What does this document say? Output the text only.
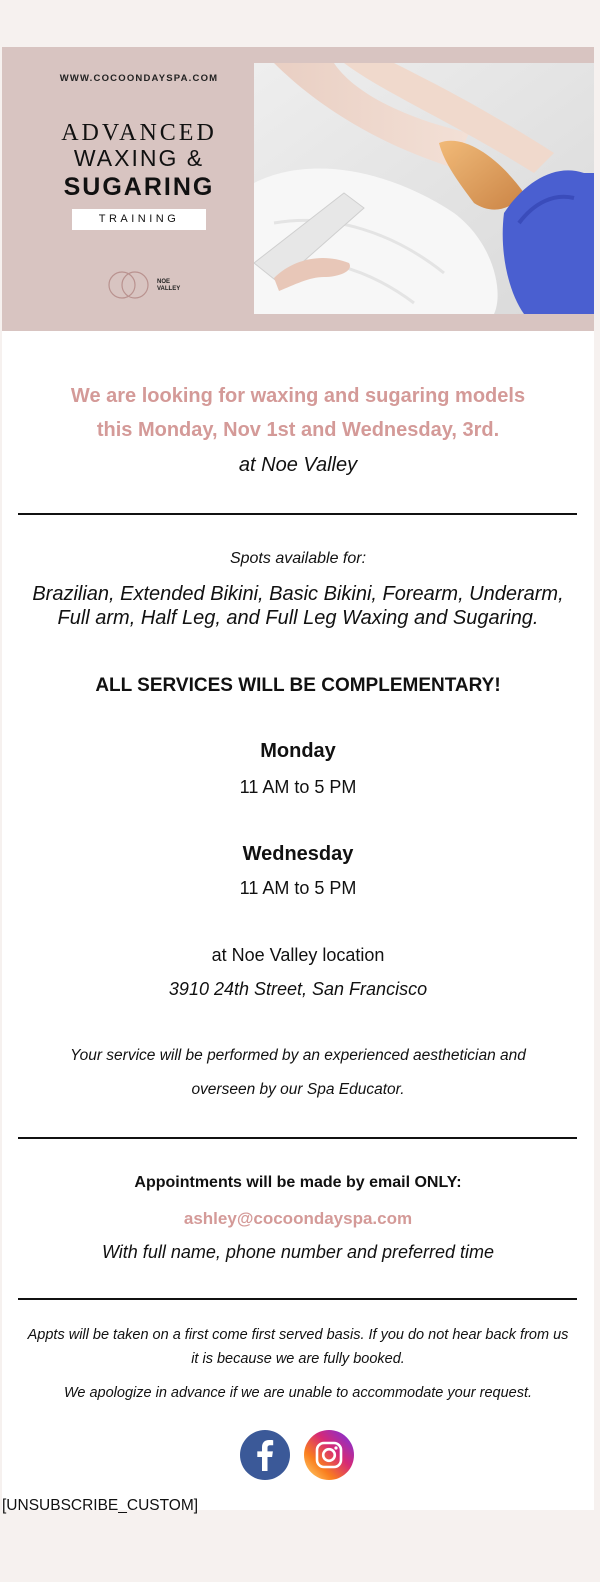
WWW.COCOONDAYSPA.COM
ADVANCED
WAXING &
SUGARING
TRAINING
NOE
VALLEY
We are looking for waxing and sugaring models
this Monday, Nov 1st and Wednesday, 3rd.
at Noe Valley
Spots available for:
Brazilian, Extended Bikini, Basic Bikini, Forearm, Underarm,
Full arm, Half Leg, and Full Leg Waxing and Sugaring.
ALL SERVICES WILL BE COMPLEMENTARY!
Monday
11 AM to 5 PM
Wednesday
11 AM to 5 PM
at Noe Valley location
3910 24th Street, San Francisco
Your service will be performed by an experienced aesthetician and
overseen by our Spa Educator.
Appointments will be made by email ONLY:
ashley@cocoondayspa.com
With full name, phone number and preferred time
Appts will be taken on a first come first served basis. If you do not hear back from us
it is because we are fully booked.
We apologize in advance if we are unable to accommodate your request.
[UNSUBSCRIBE_CUSTOM]
